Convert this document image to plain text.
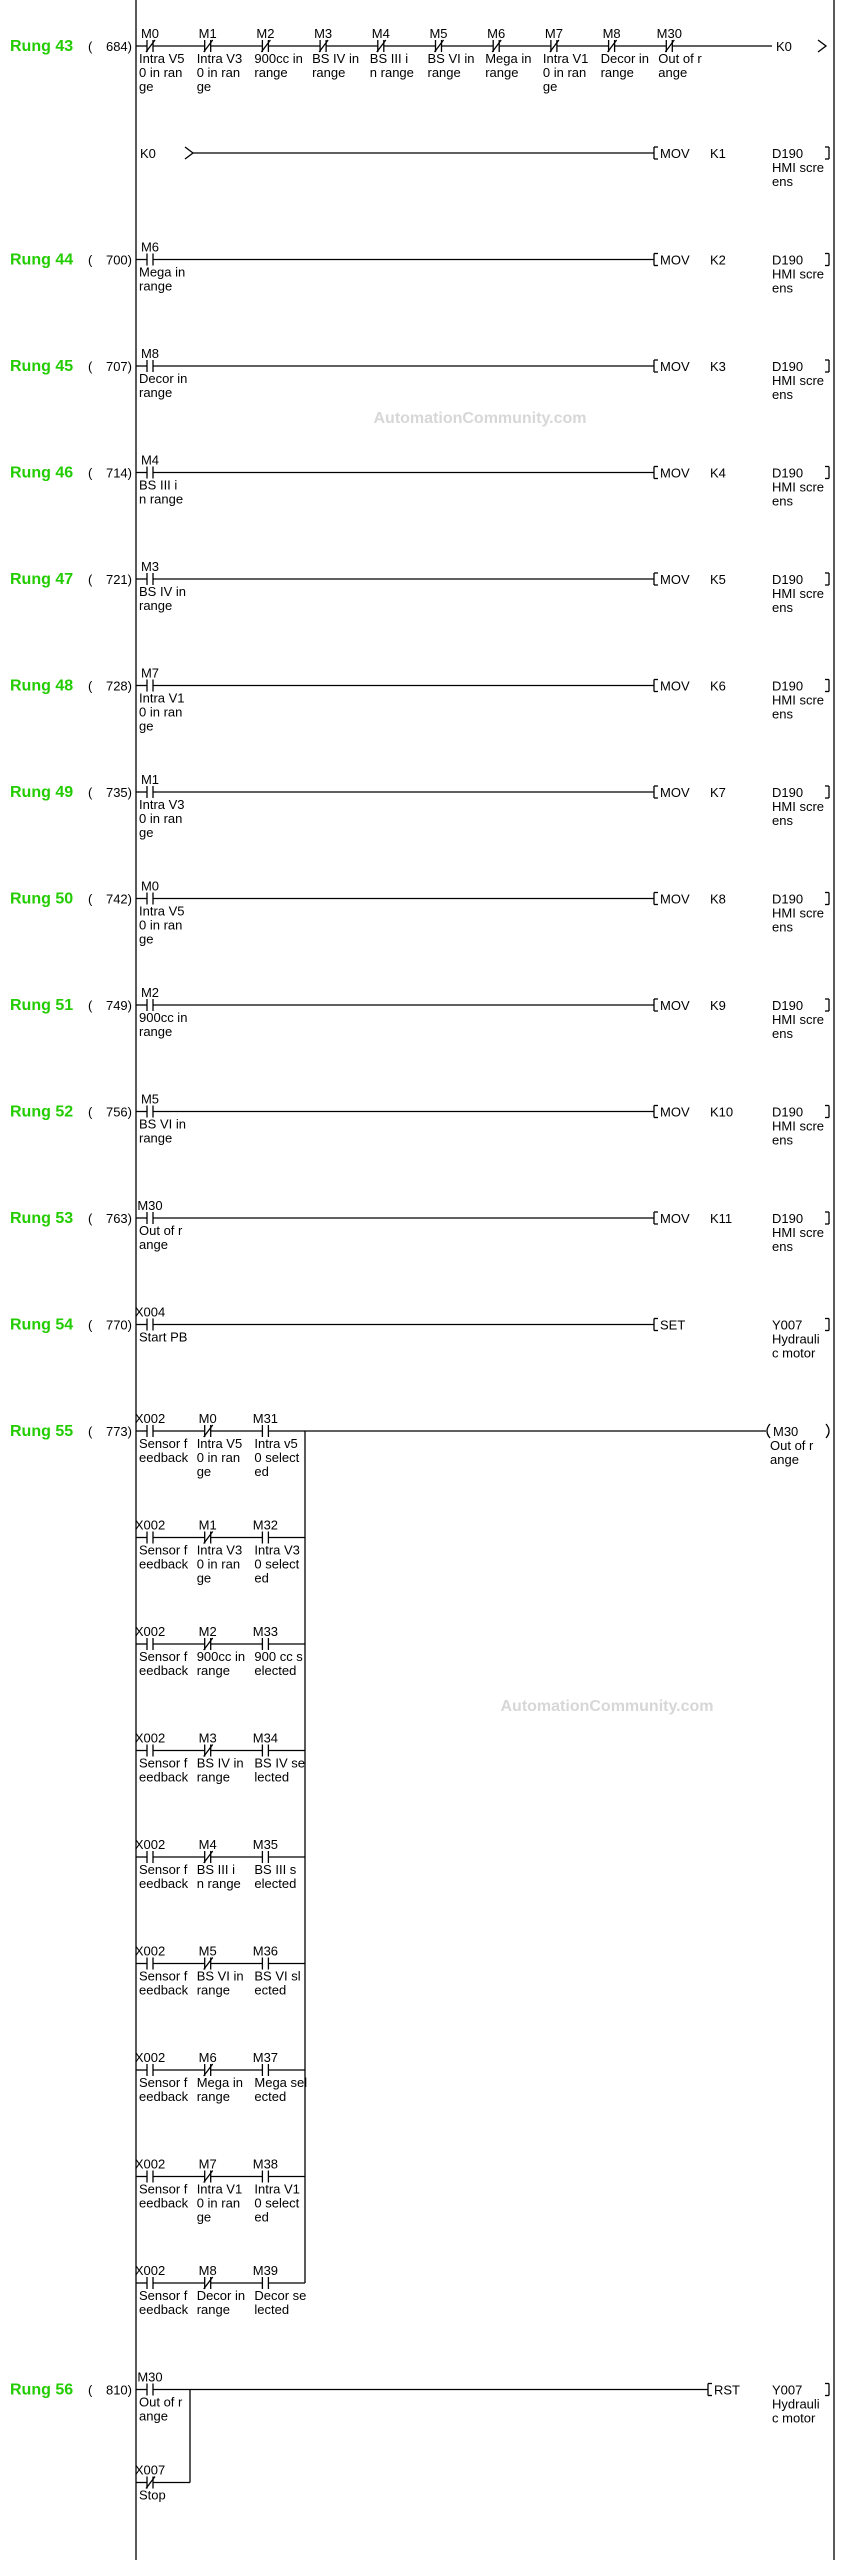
AutomationCommunity.com
AutomationCommunity.com
Rung 43 ( 684)
M0
Intra V5
0 in ran
ge
M1
Intra V3
0 in ran
ge
M2
900cc in
range
M3
BS IV in
range
M4
BS III i
n range
M5
BS VI in
range
M6
Mega in
range
M7
Intra V1
0 in ran
ge
M8
Decor in
range
M30
Out of r
ange
K0
K0	MOV K1	D190
HMI scre
ens
Rung 44 ( 700)
M6
Mega in
range
MOV K2	D190
HMI scre
ens
Rung 45 ( 707)
M8
Decor in
range
MOV K3	D190
HMI scre
ens
Rung 46 ( 714)
M4
BS III i
n range
MOV K4	D190
HMI scre
ens
Rung 47 ( 721)
M3
BS IV in
range
MOV K5	D190
HMI scre
ens
Rung 48 ( 728)
M7
Intra V1
0 in ran
ge
MOV K6	D190
HMI scre
ens
Rung 49 ( 735)
M1
Intra V3
0 in ran
ge
MOV K7	D190
HMI scre
ens
Rung 50 ( 742)
M0
Intra V5
0 in ran
ge
MOV K8	D190
HMI scre
ens
Rung 51 ( 749)
M2
900cc in
range
MOV K9	D190
HMI scre
ens
Rung 52 ( 756)
M5
BS VI in
range
MOV K10	D190
HMI scre
ens
Rung 53 ( 763)
M30
Out of r
ange
MOV K11	D190
HMI scre
ens
Rung 54 ( 770)
X004
Start PB
SET	Y007
Hydrauli
c motor
Rung 55 ( 773)
X002
Sensor f
eedback
M0
Intra V5
0 in ran
ge
M31
Intra v5
0 select
ed
X002
Sensor f
eedback
M1
Intra V3
0 in ran
ge
M32
Intra V3
0 select
ed
X002
Sensor f
eedback
M2
900cc in
range
M33
900 cc s
elected
X002
Sensor f
eedback
M3
BS IV in
range
M34
BS IV se
lected
X002
Sensor f
eedback
M4
BS III i
n range
M35
BS III s
elected
X002
Sensor f
eedback
M5
BS VI in
range
M36
BS VI sl
ected
X002
Sensor f
eedback
M6
Mega in
range
M37
Mega sel
ected
X002
Sensor f
eedback
M7
Intra V1
0 in ran
ge
M38
Intra V1
0 select
ed
X002
Sensor f
eedback
M8
Decor in
range
M39
Decor se
lected
M30
Out of r
ange
Rung 56 ( 810)
M30
Out of r
ange
X007
Stop
RST Y007
Hydrauli
c motor
